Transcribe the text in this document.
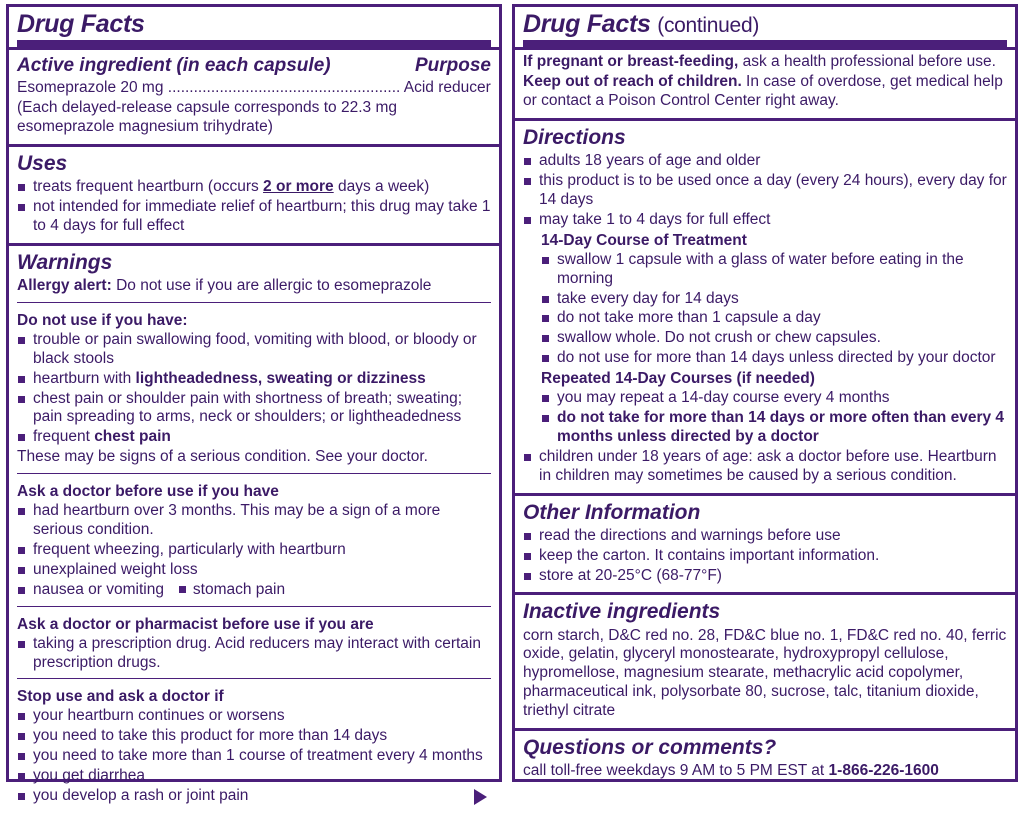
Drug Facts
Active ingredient (in each capsule)	Purpose

Esomeprazole 20 mg ...................................................... Acid reducer

(Each delayed-release capsule corresponds to 22.3 mg esomeprazole magnesium trihydrate)

Uses
treats frequent heartburn (occurs 2 or more days a week)
not intended for immediate relief of heartburn; this drug may take 1 to 4 days for full effect
Warnings

Allergy alert: Do not use if you are allergic to esomeprazole

Do not use if you have:
trouble or pain swallowing food, vomiting with blood, or bloody or black stools
heartburn with lightheadedness, sweating or dizziness
chest pain or shoulder pain with shortness of breath; sweating; pain spreading to arms, neck or shoulders; or lightheadedness
frequent chest pain

These may be signs of a serious condition. See your doctor.

Ask a doctor before use if you have
had heartburn over 3 months. This may be a sign of a more serious condition.
frequent wheezing, particularly with heartburn
unexplained weight loss
nausea or vomiting
stomach pain
Ask a doctor or pharmacist before use if you are
taking a prescription drug. Acid reducers may interact with certain prescription drugs.
Stop use and ask a doctor if
your heartburn continues or worsens
you need to take this product for more than 14 days
you need to take more than 1 course of treatment every 4 months
you get diarrhea
you develop a rash or joint pain
Drug Facts (continued)

If pregnant or breast-feeding, ask a health professional before use.

Keep out of reach of children. In case of overdose, get medical help or contact a Poison Control Center right away.

Directions
adults 18 years of age and older
this product is to be used once a day (every 24 hours), every day for 14 days
may take 1 to 4 days for full effect
14-Day Course of Treatment
swallow 1 capsule with a glass of water before eating in the morning
take every day for 14 days
do not take more than 1 capsule a day
swallow whole. Do not crush or chew capsules.
do not use for more than 14 days unless directed by your doctor
Repeated 14-Day Courses (if needed)
you may repeat a 14-day course every 4 months
do not take for more than 14 days or more often than every 4 months unless directed by a doctor
children under 18 years of age: ask a doctor before use. Heartburn in children may sometimes be caused by a serious condition.
Other Information
read the directions and warnings before use
keep the carton. It contains important information.
store at 20-25°C (68-77°F)
Inactive ingredients

corn starch, D&C red no. 28, FD&C blue no. 1, FD&C red no. 40, ferric oxide, gelatin, glyceryl monostearate, hydroxypropyl cellulose, hypromellose, magnesium stearate, methacrylic acid copolymer, pharmaceutical ink, polysorbate 80, sucrose, talc, titanium dioxide, triethyl citrate

Questions or comments?

call toll-free weekdays 9 AM to 5 PM EST at 1-866-226-1600
